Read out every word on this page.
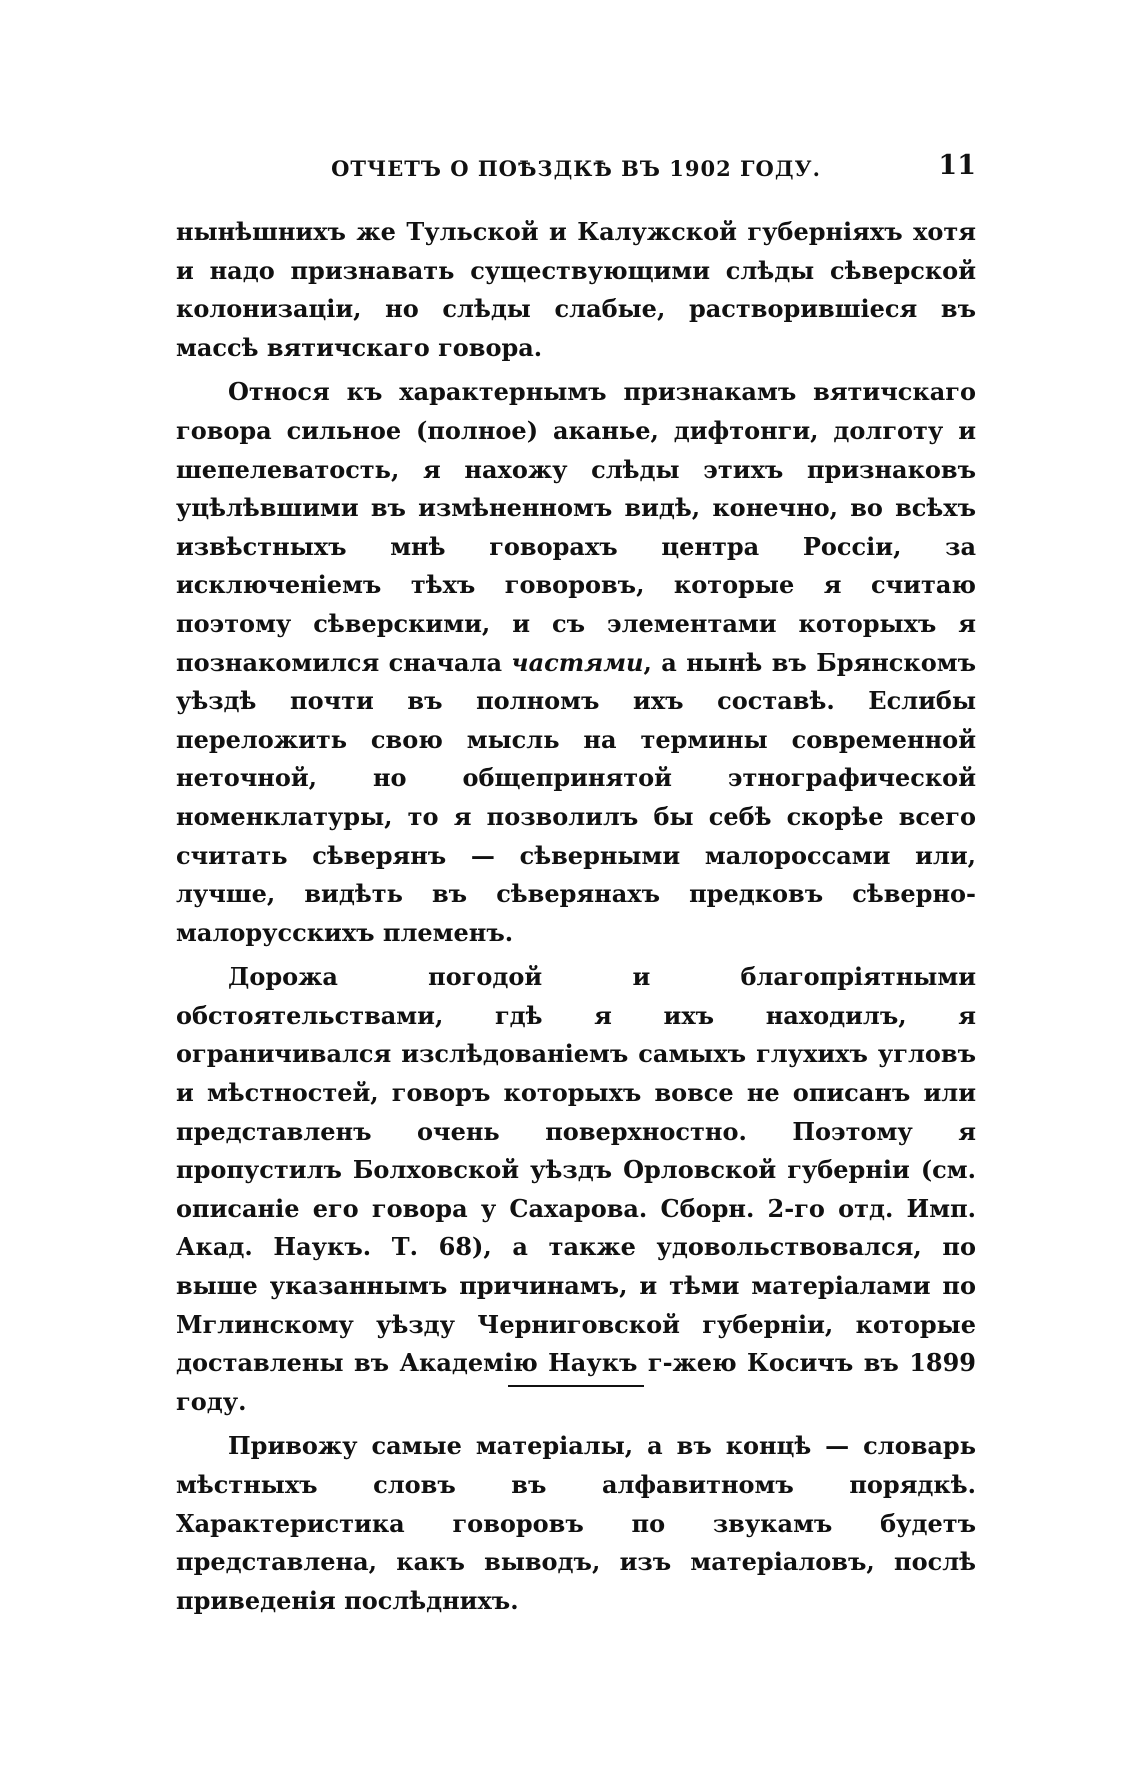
ОТЧЕТЪ О ПОѢЗДКѢ ВЪ 1902 ГОДУ.	11

нынѣшнихъ же Тульской и Калужской губерніяхъ хотя и надо признавать существующими слѣды сѣверской колонизаціи, но слѣды слабые, растворившіеся въ массѣ вятичскаго говора.

Относя къ характернымъ признакамъ вятичскаго говора сильное (полное) аканье, дифтонги, долготу и шепелеватость, я нахожу слѣды этихъ признаковъ уцѣлѣвшими въ измѣненномъ видѣ, конечно, во всѣхъ извѣстныхъ мнѣ говорахъ центра Россіи, за исключеніемъ тѣхъ говоровъ, которые я считаю поэтому сѣверскими, и съ элементами которыхъ я познакомился сначала частями, а нынѣ въ Брянскомъ уѣздѣ почти въ полномъ ихъ составѣ. Еслибы переложить свою мысль на термины современной неточной, но общепринятой этнографической номенклатуры, то я позволилъ бы себѣ скорѣе всего считать сѣверянъ — сѣверными малороссами или, лучше, видѣть въ сѣверянахъ предковъ сѣверно-малорусскихъ племенъ.

Дорожа погодой и благопріятными обстоятельствами, гдѣ я ихъ находилъ, я ограничивался изслѣдованіемъ самыхъ глухихъ угловъ и мѣстностей, говоръ которыхъ вовсе не описанъ или представленъ очень поверхностно. Поэтому я пропустилъ Болховской уѣздъ Орловской губерніи (см. описаніе его говора у Сахарова. Сборн. 2-го отд. Имп. Акад. Наукъ. Т. 68), а также удовольствовался, по выше указаннымъ причинамъ, и тѣми матеріалами по Мглинскому уѣзду Черниговской губерніи, которые доставлены въ Академію Наукъ г-жею Косичъ въ 1899 году.

Привожу самые матеріалы, а въ концѣ — словарь мѣстныхъ словъ въ алфавитномъ порядкѣ. Характеристика говоровъ по звукамъ будетъ представлена, какъ выводъ, изъ матеріаловъ, послѣ приведенія послѣднихъ.
